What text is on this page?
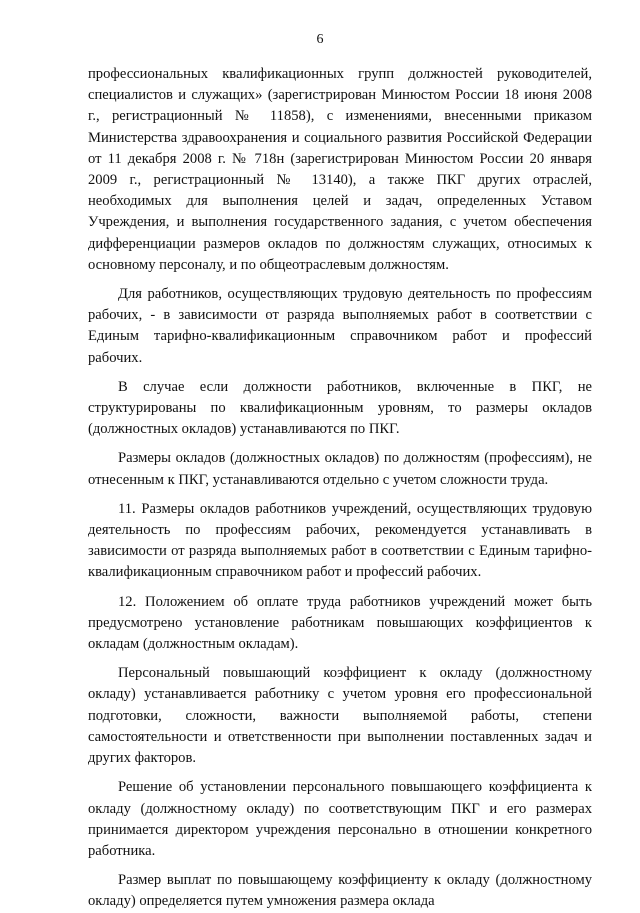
6

профессиональных квалификационных групп должностей руководителей, специалистов и служащих» (зарегистрирован Минюстом России 18 июня 2008 г., регистрационный № 11858), с изменениями, внесенными приказом Министерства здравоохранения и социального развития Российской Федерации от 11 декабря 2008 г. № 718н (зарегистрирован Минюстом России 20 января 2009 г., регистрационный № 13140), а также ПКГ других отраслей, необходимых для выполнения целей и задач, определенных Уставом Учреждения, и выполнения государственного задания, с учетом обеспечения дифференциации размеров окладов по должностям служащих, относимых к основному персоналу, и по общеотраслевым должностям.

Для работников, осуществляющих трудовую деятельность по профессиям рабочих, - в зависимости от разряда выполняемых работ в соответствии с Единым тарифно-квалификационным справочником работ и профессий рабочих.

В случае если должности работников, включенные в ПКГ, не структурированы по квалификационным уровням, то размеры окладов (должностных окладов) устанавливаются по ПКГ.

Размеры окладов (должностных окладов) по должностям (профессиям), не отнесенным к ПКГ, устанавливаются отдельно с учетом сложности труда.

11. Размеры окладов работников учреждений, осуществляющих трудовую деятельность по профессиям рабочих, рекомендуется устанавливать в зависимости от разряда выполняемых работ в соответствии с Единым тарифно-квалификационным справочником работ и профессий рабочих.

12. Положением об оплате труда работников учреждений может быть предусмотрено установление работникам повышающих коэффициентов к окладам (должностным окладам).

Персональный повышающий коэффициент к окладу (должностному окладу) устанавливается работнику с учетом уровня его профессиональной подготовки, сложности, важности выполняемой работы, степени самостоятельности и ответственности при выполнении поставленных задач и других факторов.

Решение об установлении персонального повышающего коэффициента к окладу (должностному окладу) по соответствующим ПКГ и его размерах принимается директором учреждения персонально в отношении конкретного работника.

Размер выплат по повышающему коэффициенту к окладу (должностному окладу) определяется путем умножения размера оклада
